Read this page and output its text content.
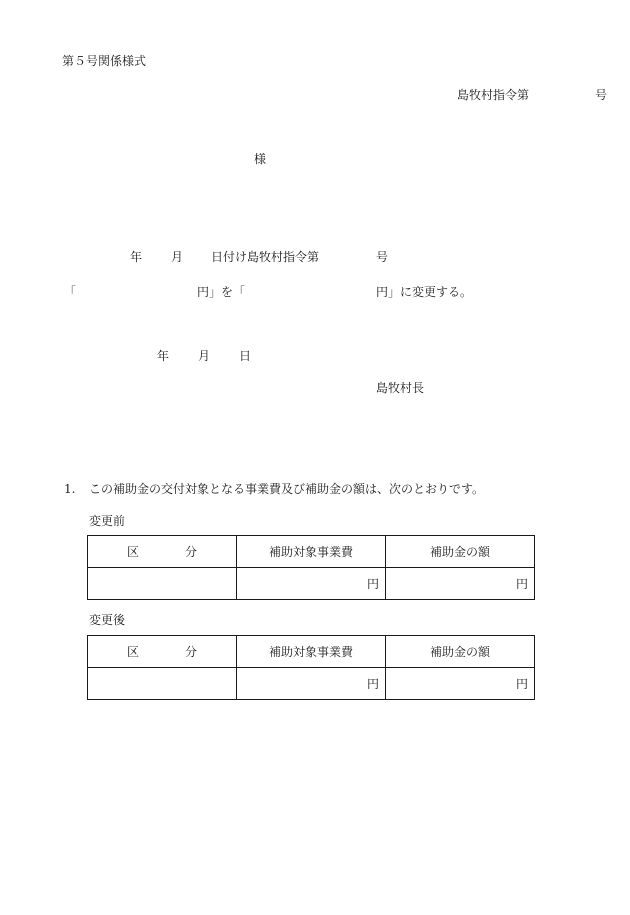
第５号関係様式
島牧村指令第	号
様
年 月 日付け島牧村指令第	号
「	円」を「	円」に変更する。
年 月 日
島牧村長
1. この補助金の交付対象となる事業費及び補助金の額は、次のとおりです。
変更前
区 分	補助対象事業費	補助金の額
	円	円
変更後
区 分	補助対象事業費	補助金の額
	円	円
